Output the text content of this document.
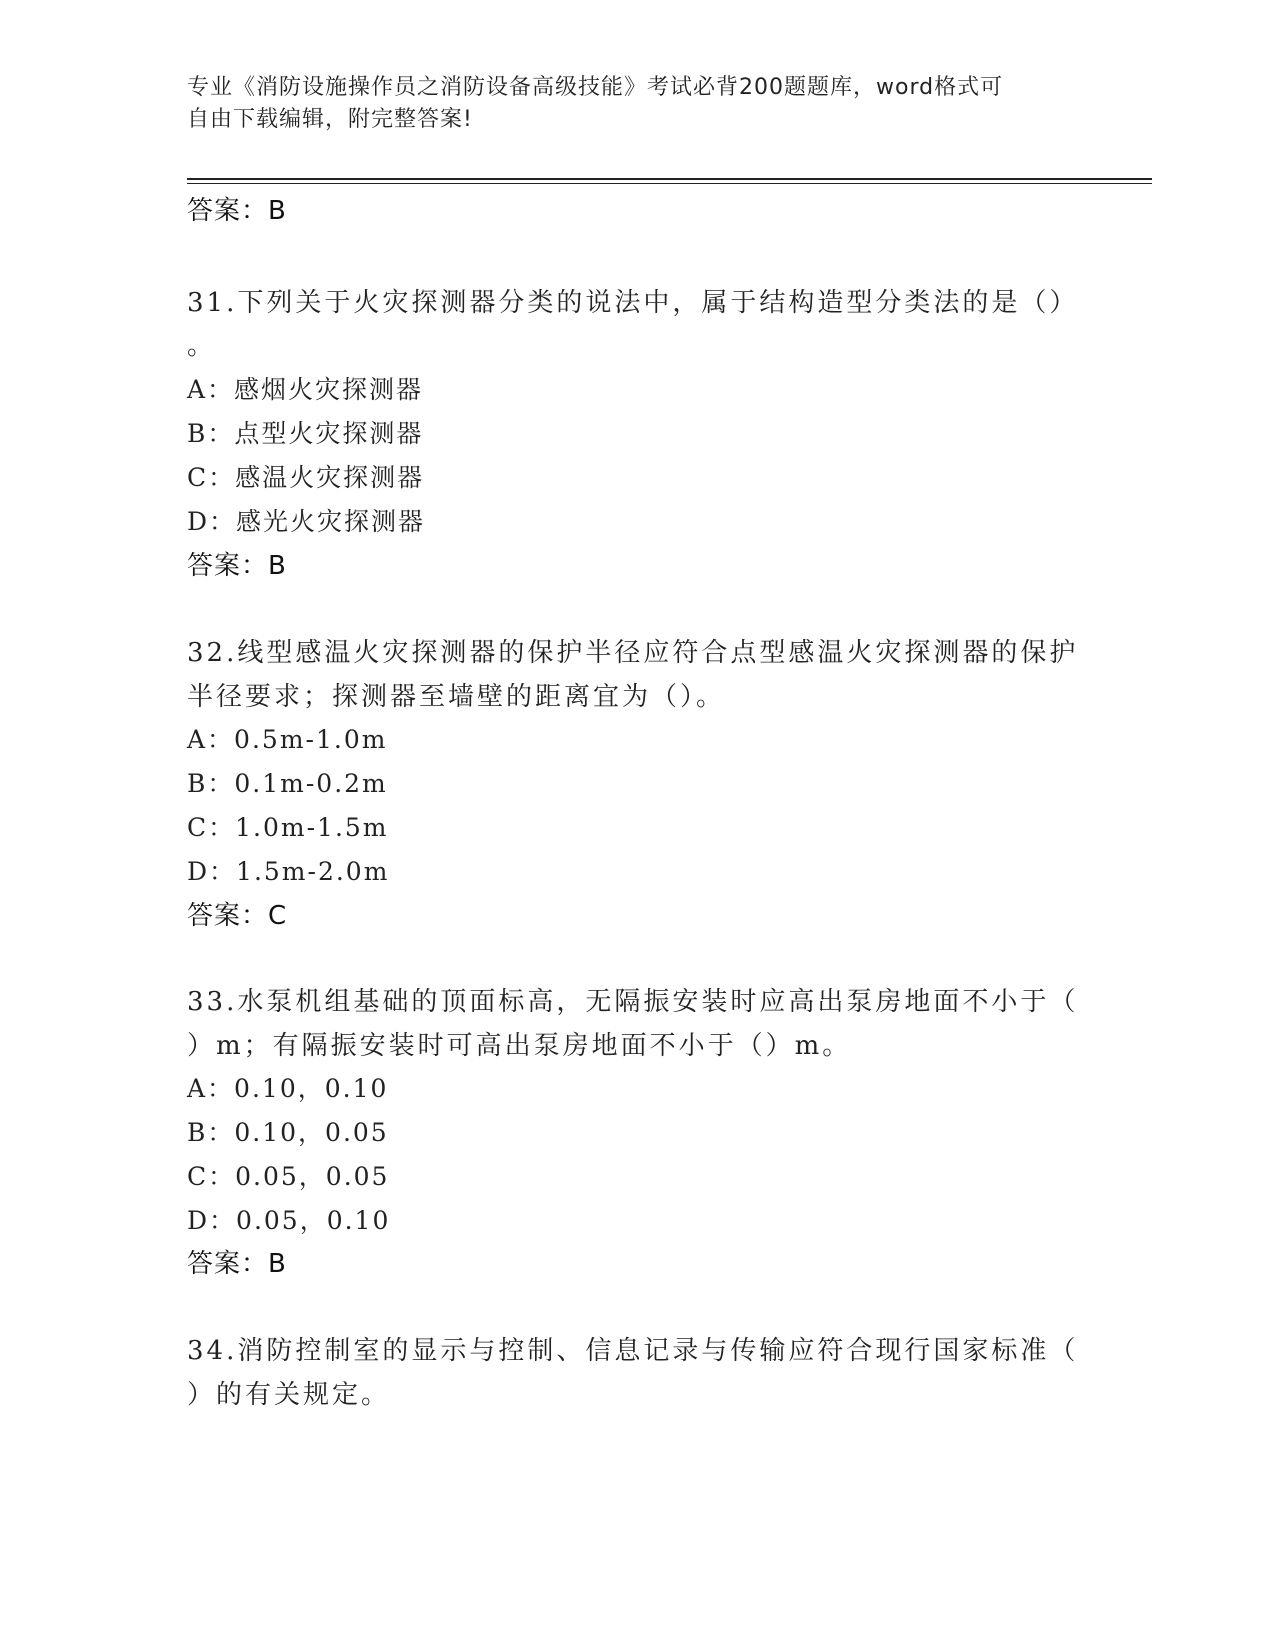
专业《消防设施操作员之消防设备高级技能》考试必背200题题库，word格式可
自由下载编辑，附完整答案!
答案：B
31.下列关于火灾探测器分类的说法中，属于结构造型分类法的是（）
。
A：感烟火灾探测器
B：点型火灾探测器
C：感温火灾探测器
D：感光火灾探测器
答案：B
32.线型感温火灾探测器的保护半径应符合点型感温火灾探测器的保护
半径要求；探测器至墙壁的距离宜为（）。
A：0.5m-1.0m
B：0.1m-0.2m
C：1.0m-1.5m
D：1.5m-2.0m
答案：C
33.水泵机组基础的顶面标高，无隔振安装时应高出泵房地面不小于（
）m；有隔振安装时可高出泵房地面不小于（）m。
A：0.10，0.10
B：0.10，0.05
C：0.05，0.05
D：0.05，0.10
答案：B
34.消防控制室的显示与控制、信息记录与传输应符合现行国家标准（
）的有关规定。
